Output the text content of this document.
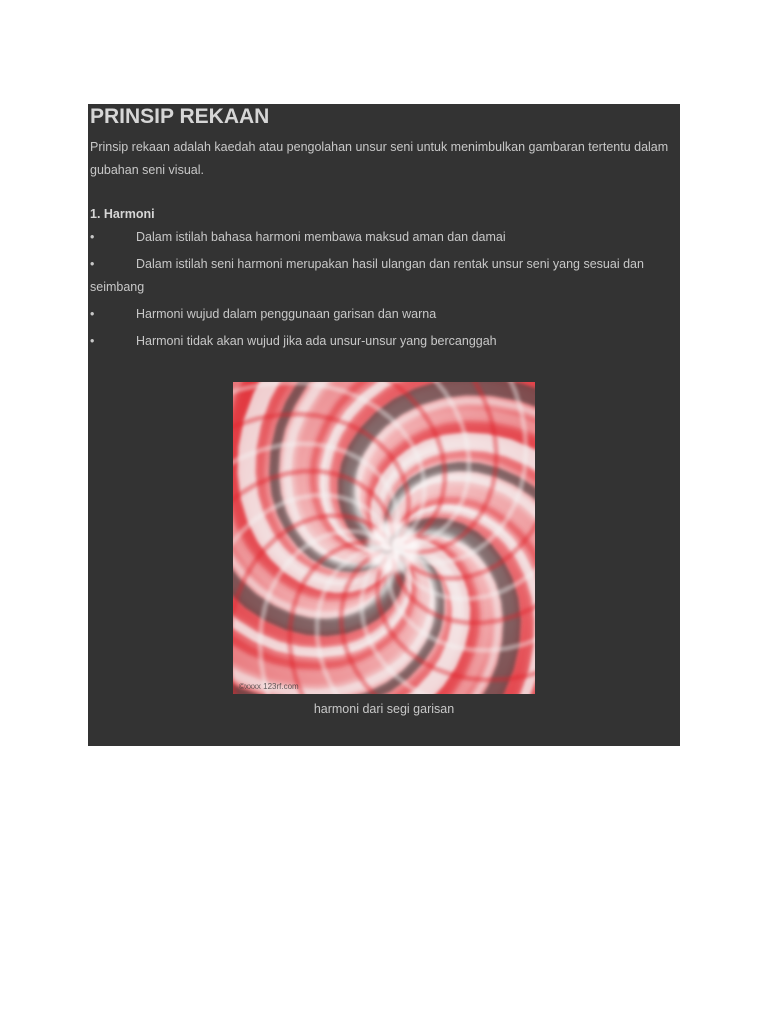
PRINSIP REKAAN

Prinsip rekaan adalah kaedah atau pengolahan unsur seni untuk menimbulkan gambaran tertentu dalam gubahan seni visual.

1. Harmoni

•	Dalam istilah bahasa harmoni membawa maksud aman dan damai

•	Dalam istilah seni harmoni merupakan hasil ulangan dan rentak unsur seni yang sesuai dan seimbang

•	Harmoni wujud dalam penggunaan garisan dan warna

•	Harmoni tidak akan wujud jika ada unsur-unsur yang bercanggah

©xxxx 123rf.com
harmoni dari segi garisan
